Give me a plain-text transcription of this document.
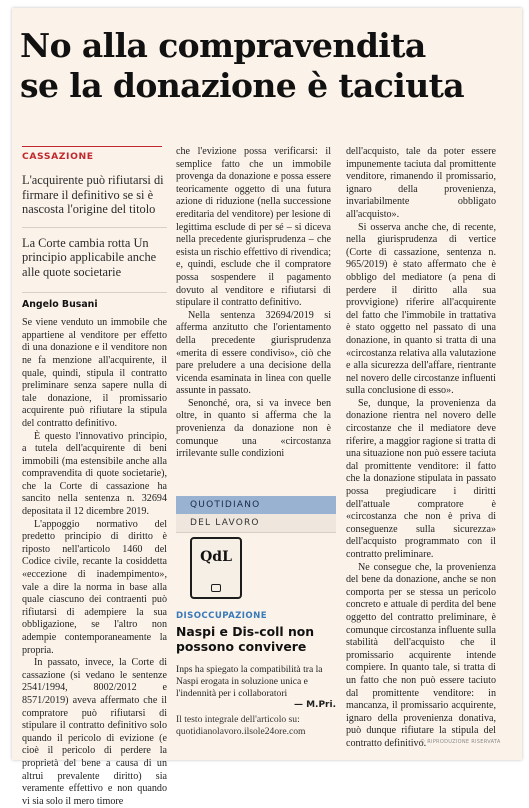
No alla compravendita
se la donazione è taciuta
CASSAZIONE
L'acquirente può rifiutarsi di firmare il definitivo se si è nascosta l'origine del titolo
La Corte cambia rotta Un principio applicabile anche alle quote societarie
Angelo Busani

Se viene venduto un immobile che appartiene al venditore per effetto di una donazione e il venditore non ne fa menzione all'acquirente, il quale, quindi, stipula il contratto preliminare senza sapere nulla di tale donazione, il promissario acquirente può rifiutare la stipula del contratto definitivo.

È questo l'innovativo principio, a tutela dell'acquirente di beni immobili (ma estensibile anche alla compravendita di quote societarie), che la Corte di cassazione ha sancito nella sentenza n. 32694 depositata il 12 dicembre 2019.

L'appoggio normativo del predetto principio di diritto è riposto nell'articolo 1460 del Codice civile, recante la cosiddetta «eccezione di inadempimento», vale a dire la norma in base alla quale ciascuno dei contraenti può rifiutarsi di adempiere la sua obbligazione, se l'altro non adempie contemporaneamente la propria.

In passato, invece, la Corte di cassazione (si vedano le sentenze 2541/1994, 8002/2012 e 8571/2019) aveva affermato che il compratore può rifiutarsi di stipulare il contratto definitivo solo quando il pericolo di evizione (e cioè il pericolo di perdere la proprietà del bene a causa di un altrui prevalente diritto) sia veramente effettivo e non quando vi sia solo il mero timore

che l'evizione possa verificarsi: il semplice fatto che un immobile provenga da donazione e possa essere teoricamente oggetto di una futura azione di riduzione (nella successione ereditaria del venditore) per lesione di legittima esclude di per sé – si diceva nella precedente giurisprudenza – che esista un rischio effettivo di rivendica; e, quindi, esclude che il compratore possa sospendere il pagamento dovuto al venditore e rifiutarsi di stipulare il contratto definitivo.

Nella sentenza 32694/2019 si afferma anzitutto che l'orientamento della precedente giurisprudenza «merita di essere condiviso», ciò che pare preludere a una decisione della vicenda esaminata in linea con quelle assunte in passato.

Senonché, ora, si va invece ben oltre, in quanto si afferma che la provenienza da donazione non è comunque una «circostanza irrilevante sulle condizioni

dell'acquisto, tale da poter essere impunemente taciuta dal promittente venditore, rimanendo il promissario, ignaro della provenienza, invariabilmente obbligato all'acquisto».

Si osserva anche che, di recente, nella giurisprudenza di vertice (Corte di cassazione, sentenza n. 965/2019) è stato affermato che è obbligo del mediatore (a pena di perdere il diritto alla sua provvigione) riferire all'acquirente del fatto che l'immobile in trattativa è stato oggetto nel passato di una donazione, in quanto si tratta di una «circostanza relativa alla valutazione e alla sicurezza dell'affare, rientrante nel novero delle circostanze influenti sulla conclusione di esso».

Se, dunque, la provenienza da donazione rientra nel novero delle circostanze che il mediatore deve riferire, a maggior ragione si tratta di una situazione non può essere taciuta dal promittente venditore: il fatto che la donazione stipulata in passato possa pregiudicare i diritti dell'attuale compratore è «circostanza che non è priva di conseguenze sulla sicurezza» dell'acquisto programmato con il contratto preliminare.

Ne consegue che, la provenienza del bene da donazione, anche se non comporta per se stessa un pericolo concreto e attuale di perdita del bene oggetto del contratto preliminare, è comunque circostanza influente sulla stabilità dell'acquisto che il promissario acquirente intende compiere. In quanto tale, si tratta di un fatto che non può essere taciuto dal promittente venditore: in mancanza, il promissario acquirente, ignaro della provenienza donativa, può dunque rifiutare la stipula del contratto definitivo.

QUOTIDIANO
DEL LAVORO
QdL
DISOCCUPAZIONE
Naspi e Dis-coll non possono convivere
Inps ha spiegato la compatibilità tra la Naspi erogata in soluzione unica e l'indennità per i collaboratori
— M.Pri.
Il testo integrale dell'articolo su: quotidianolavoro.ilsole24ore.com
© RIPRODUZIONE RISERVATA
